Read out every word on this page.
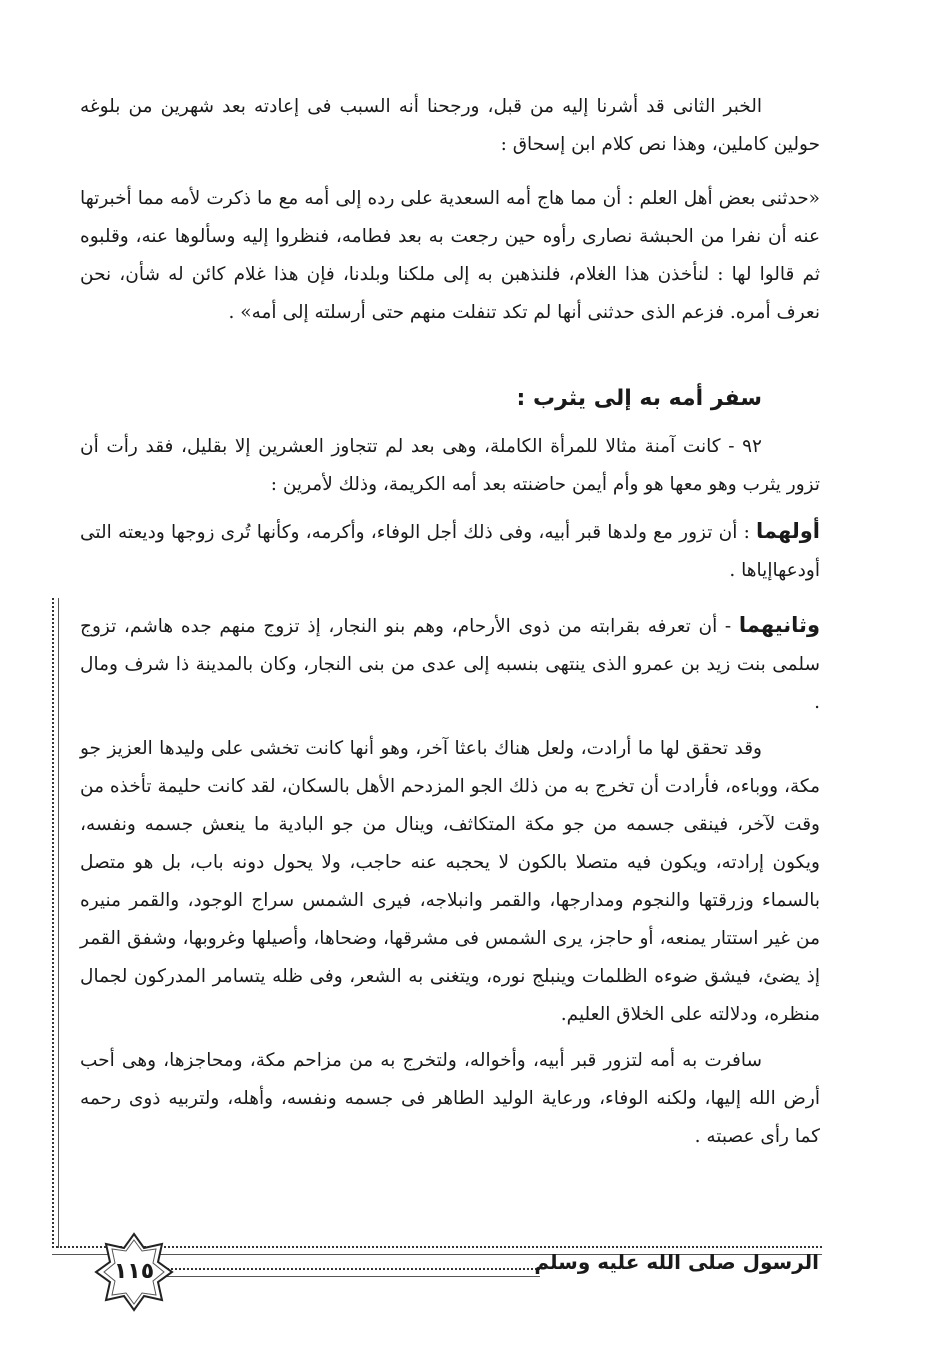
الخبر الثانى قد أشرنا إليه من قبل، ورجحنا أنه السبب فى إعادته بعد شهرين من بلوغه حولين كاملين، وهذا نص كلام ابن إسحاق :

«حدثنى بعض أهل العلم : أن مما هاج أمه السعدية على رده إلى أمه مع ما ذكرت لأمه مما أخبرتها عنه أن نفرا من الحبشة نصارى رأوه حين رجعت به بعد فطامه، فنظروا إليه وسألوها عنه، وقلبوه ثم قالوا لها : لنأخذن هذا الغلام، فلنذهبن به إلى ملكنا وبلدنا، فإن هذا غلام كائن له شأن، نحن نعرف أمره. فزعم الذى حدثنى أنها لم تكد تنفلت منهم حتى أرسلته إلى أمه» .

سفر أمه به إلى يثرب :

٩٢ - كانت آمنة مثالا للمرأة الكاملة، وهى بعد لم تتجاوز العشرين إلا بقليل، فقد رأت أن تزور يثرب وهو معها هو وأم أيمن حاضنته بعد أمه الكريمة، وذلك لأمرين :

أولهما : أن تزور مع ولدها قبر أبيه، وفى ذلك أجل الوفاء، وأكرمه، وكأنها تُرى زوجها وديعته التى أودعهاإياها .

وثانيهما - أن تعرفه بقرابته من ذوى الأرحام، وهم بنو النجار، إذ تزوج منهم جده هاشم، تزوج سلمى بنت زيد بن عمرو الذى ينتهى بنسبه إلى عدى من بنى النجار، وكان بالمدينة ذا شرف ومال .

وقد تحقق لها ما أرادت، ولعل هناك باعثا آخر، وهو أنها كانت تخشى على وليدها العزيز جو مكة، ووباءه، فأرادت أن تخرج به من ذلك الجو المزدحم الأهل بالسكان، لقد كانت حليمة تأخذه من وقت لآخر، فينقى جسمه من جو مكة المتكاثف، وينال من جو البادية ما ينعش جسمه ونفسه، ويكون إرادته، ويكون فيه متصلا بالكون لا يحجبه عنه حاجب، ولا يحول دونه باب، بل هو متصل بالسماء وزرقتها والنجوم ومدارجها، والقمر وانبلاجه، فيرى الشمس سراج الوجود، والقمر منيره من غير استتار يمنعه، أو حاجز، يرى الشمس فى مشرقها، وضحاها، وأصيلها وغروبها، وشفق القمر إذ يضئ، فيشق ضوءه الظلمات وينبلج نوره، ويتغنى به الشعر، وفى ظله يتسامر المدركون لجمال منظره، ودلالته على الخلاق العليم.

سافرت به أمه لتزور قبر أبيه، وأخواله، ولتخرج به من مزاحم مكة، ومحاجزها، وهى أحب أرض الله إليها، ولكنه الوفاء، ورعاية الوليد الطاهر فى جسمه ونفسه، وأهله، ولتربيه ذوى رحمه كما رأى عصبته .

الرسول صلى الله عليه وسلم
١١٥
